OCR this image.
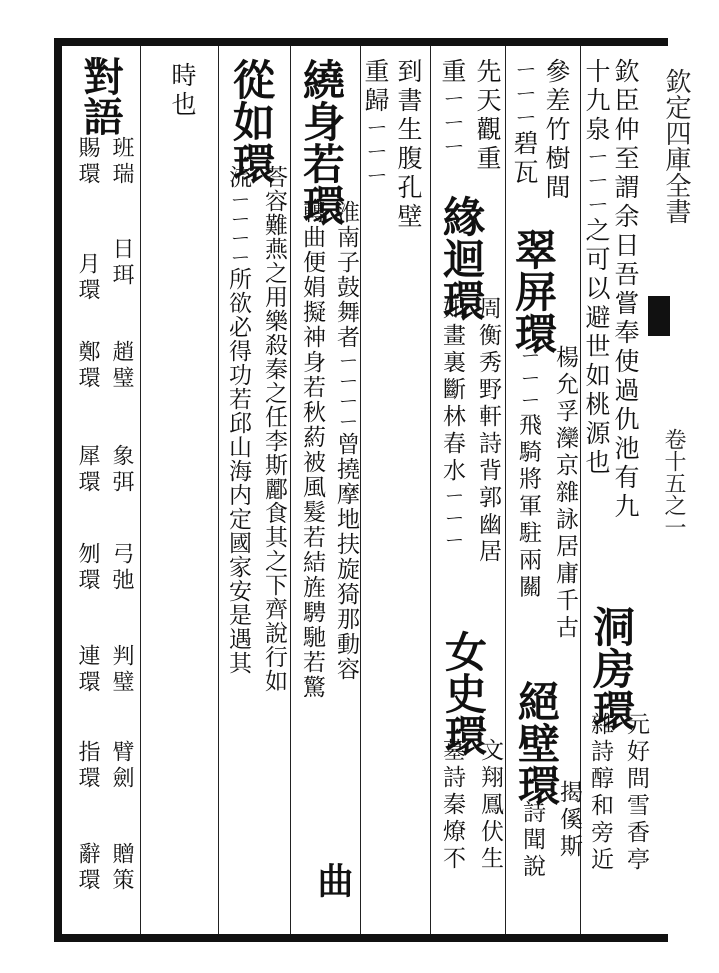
欽定四庫全書
卷十五之一
欽臣仲至謂余日吾嘗奉使過仇池有九
十九泉ㄧㄧㄧ之可以避世如桃源也
洞房環
元好問雪香亭
雜詩醇和旁近
參差竹樹間
翠屏環
ㄧㄧㄧ碧瓦
楊允孚灤京雜詠居庸千古
ㄧㄧㄧ飛騎將軍駐兩關
絕壁環
揭傒斯
詩聞說
先天觀重
緣迴環
重ㄧㄧㄧ
周衡秀野軒詩背郭幽居
如畫裏斷林春水ㄧㄧㄧ
女史環
文翔鳳伏生
墓詩秦燎不
到書生腹孔壁
重歸ㄧㄧㄧ
繞身若環
淮南子鼓舞者ㄧㄧㄧㄧ曾撓摩地扶旋猗那動容
轉曲便娟擬神身若秋葯被風髮若結旌騁馳若驚
曲
從如環
荅容難燕之用樂殺秦之任李斯酈食其之下齊說行如
流ㄧㄧㄧㄧ所欲必得功若邱山海内定國家安是遇其
時也
對語
班瑞
賜環
日珥
月環
趙璧
鄭環
象弭
犀環
弓弛
刎環
判璧
連環
臂劍
指環
贈策
辭環
